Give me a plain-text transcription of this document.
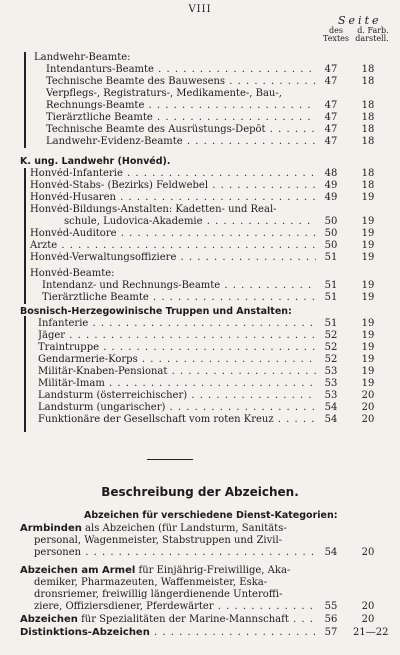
VIII
Seite
des	d. Farb.
Textes darstell.
Landwehr-Beamte:
Intendanturs-Beamte . . .	47	18
Technische Beamte des Bauwesens . . .	47	18
Verpflegs-, Registraturs-, Medikamente-, Bau-,
Rechnungs-Beamte . . .	47	18
Tierärztliche Beamte . . .	47	18
Technische Beamte des Ausrüstungs-Depôt . . .	47	18
Landwehr-Evidenz-Beamte . . .	47	18
K. ung. Landwehr (Honvéd).
Honvéd-Infanterie . . .	48	18
Honvéd-Stabs- (Bezirks) Feldwebel . . .	49	18
Honvéd-Husaren . . .	49	19
Honvéd-Bildungs-Anstalten: Kadetten- und Real-
schule, Ludovica-Akademie . . .	50	19
Honvéd-Auditore . . .	50	19
Ärzte . . .	50	19
Honvéd-Verwaltungsoffiziere . . .	51	19
Honvéd-Beamte:
Intendanz- und Rechnungs-Beamte . . .	51	19
Tierärztliche Beamte . . .	51	19
Bosnisch-Herzegowinische Truppen und Anstalten:
Infanterie . . .	51	19
Jäger . . .	52	19
Traintruppe . . .	52	19
Gendarmerie-Korps . . .	52	19
Militär-Knaben-Pensionat . . .	53	19
Militär-Imam . . .	53	19
Landsturm (österreichischer) . . .	53	20
Landsturm (ungarischer) . . .	54	20
Funktionäre der Gesellschaft vom roten Kreuz . . .	54	20
Beschreibung der Abzeichen.
Abzeichen für verschiedene Dienst-Kategorien:
Armbinden als Abzeichen (für Landsturm, Sanitäts-
personal, Wagenmeister, Stabstruppen und Zivil-
personen . . .	54	20
Abzeichen am Ärmel für Einjährig-Freiwillige, Aka-
demiker, Pharmazeuten, Waffenmeister, Eska-
dronsriemer, freiwillig längerdienende Unteroffi-
ziere, Offiziersdiener, Pferdewärter . . .	55	20
Abzeichen für Spezialitäten der Marine-Mannschaft . . .	56	20
Distinktions-Abzeichen . . .	57	21—22
